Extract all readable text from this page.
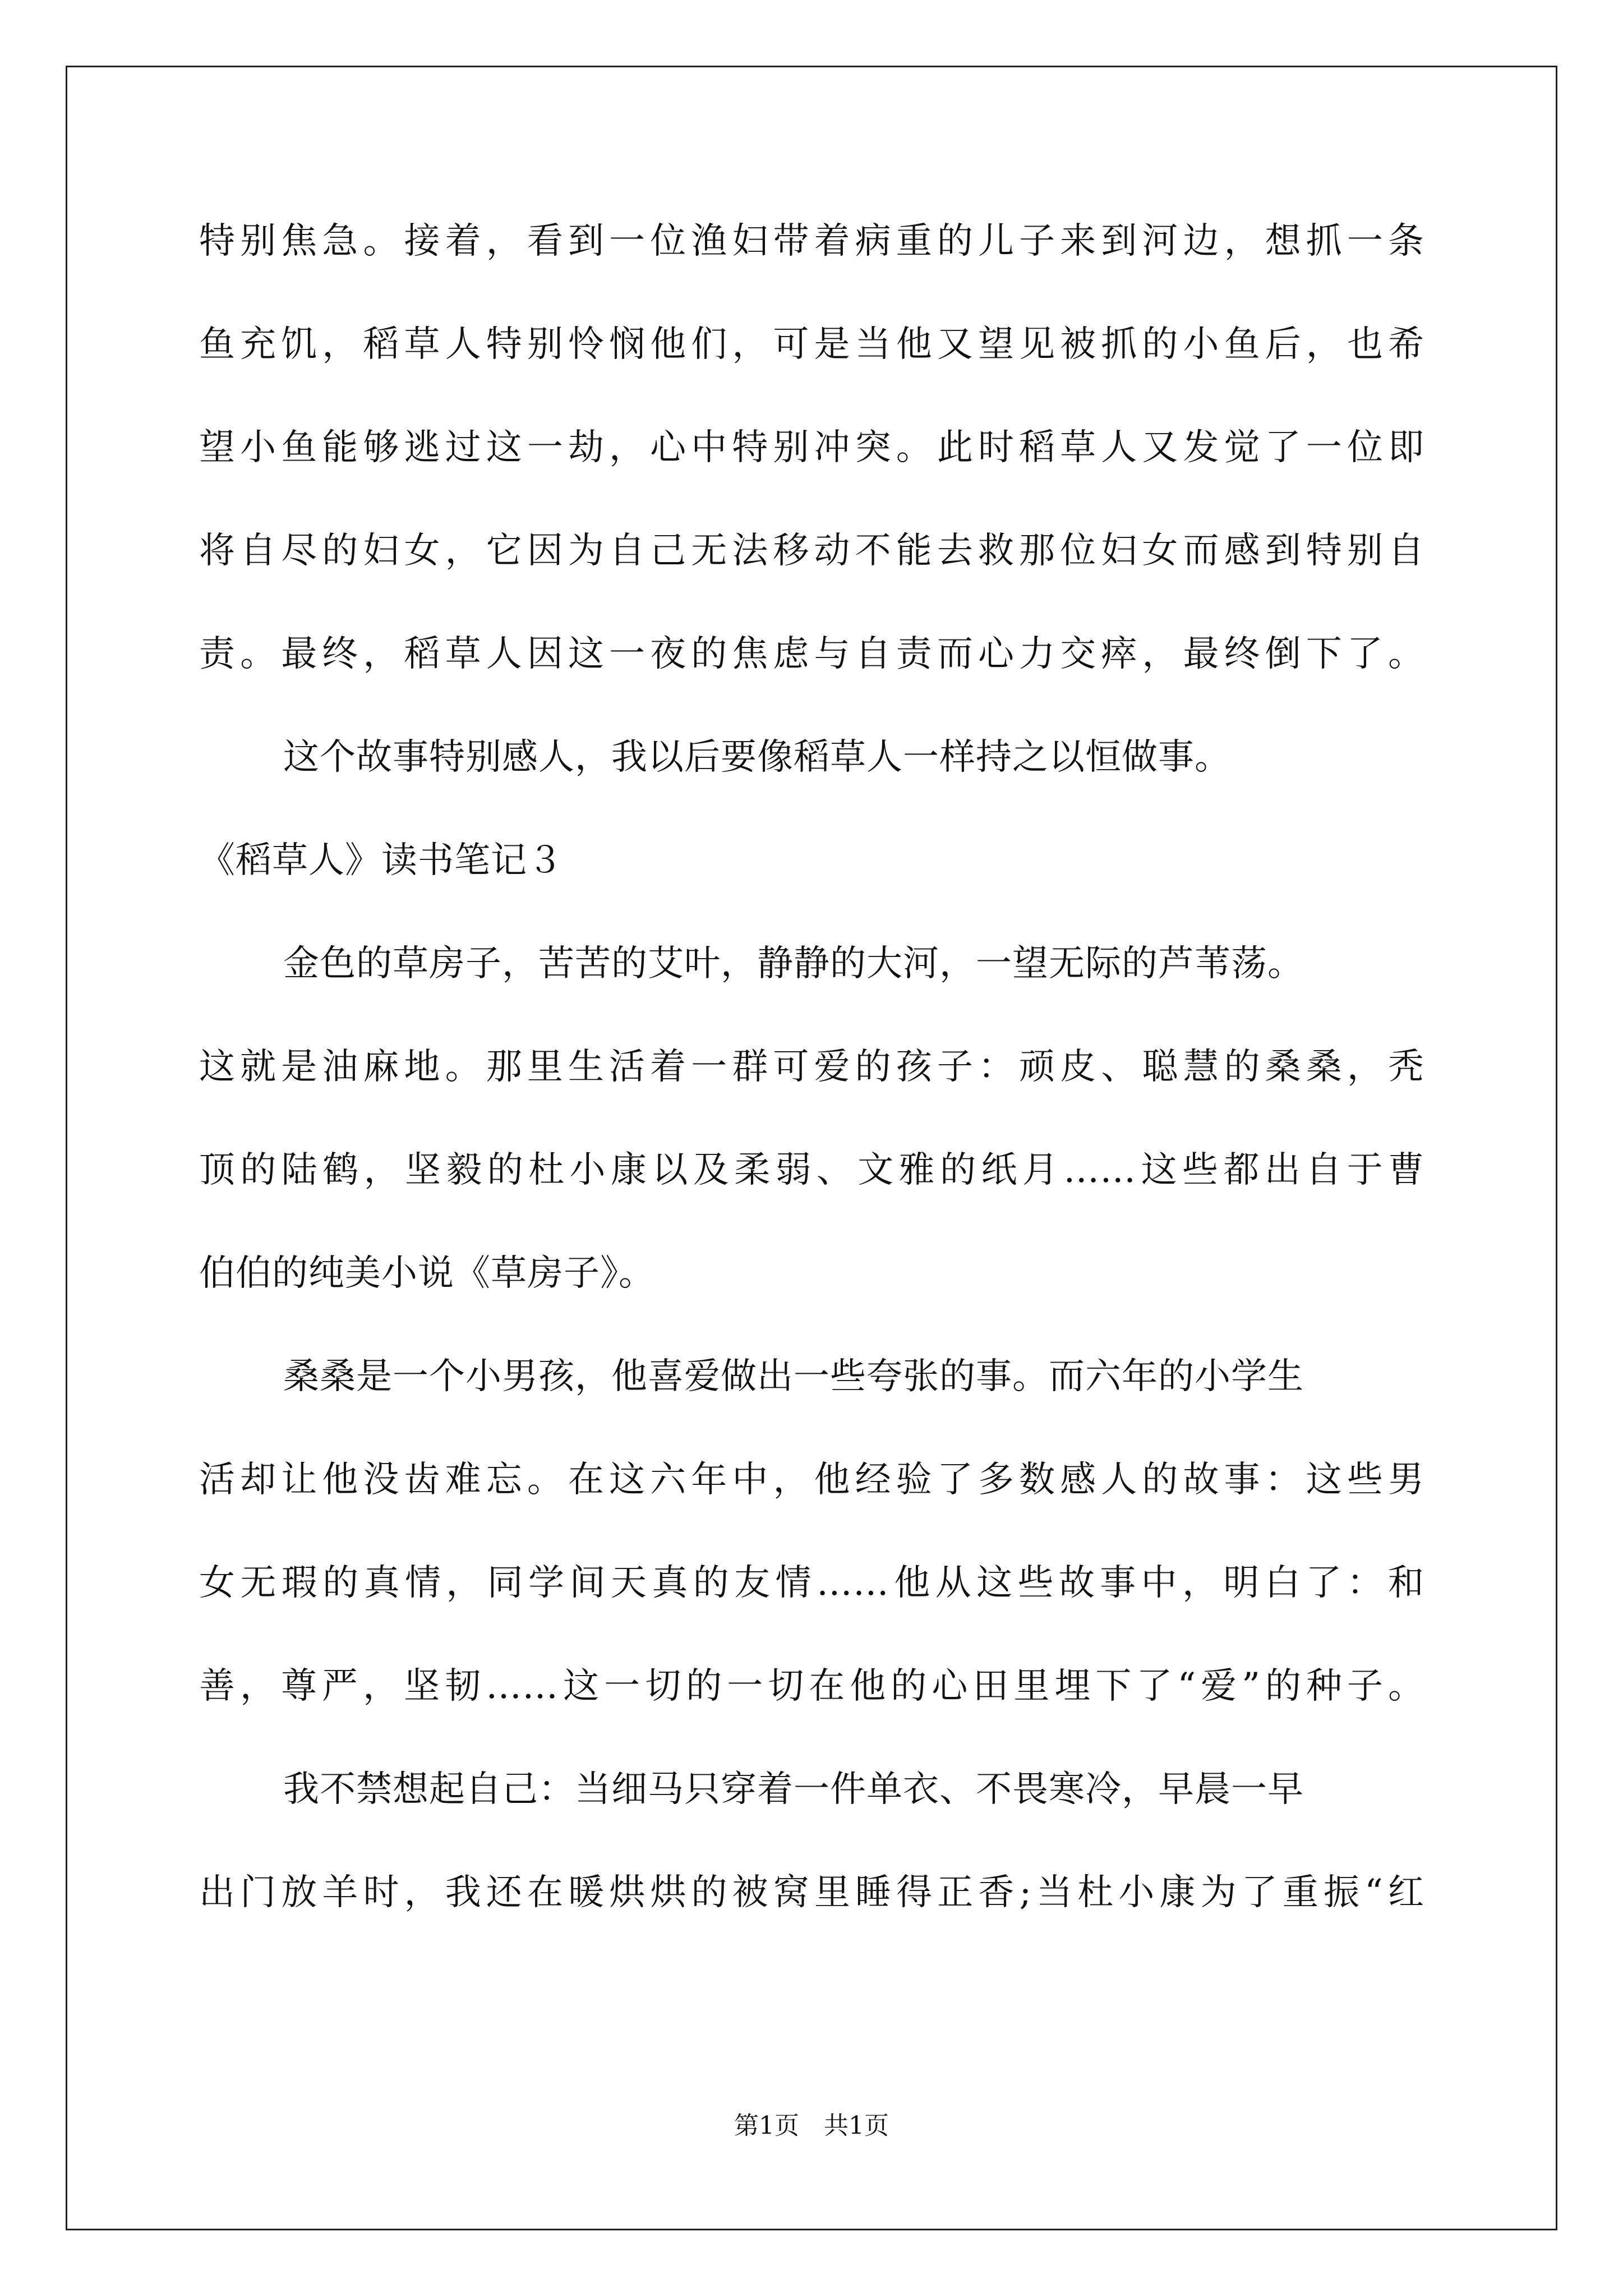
特别焦急。接着，看到一位渔妇带着病重的儿子来到河边，想抓一条
鱼充饥，稻草人特别怜悯他们，可是当他又望见被抓的小鱼后，也希
望小鱼能够逃过这一劫，心中特别冲突。此时稻草人又发觉了一位即
将自尽的妇女，它因为自己无法移动不能去救那位妇女而感到特别自
责。最终，稻草人因这一夜的焦虑与自责而心力交瘁，最终倒下了。
这个故事特别感人，我以后要像稻草人一样持之以恒做事。
《稻草人》读书笔记３
金色的草房子，苦苦的艾叶，静静的大河，一望无际的芦苇荡。
这就是油麻地。那里生活着一群可爱的孩子：顽皮、聪慧的桑桑，秃
顶的陆鹤，坚毅的杜小康以及柔弱、文雅的纸月……这些都出自于曹
伯伯的纯美小说《草房子》。
桑桑是一个小男孩，他喜爱做出一些夸张的事。而六年的小学生
活却让他没齿难忘。在这六年中，他经验了多数感人的故事：这些男
女无瑕的真情，同学间天真的友情……他从这些故事中，明白了：和
善，尊严，坚韧……这一切的一切在他的心田里埋下了“爱”的种子。
我不禁想起自己：当细马只穿着一件单衣、不畏寒冷，早晨一早
出门放羊时，我还在暖烘烘的被窝里睡得正香;当杜小康为了重振“红
第1页　共1页
